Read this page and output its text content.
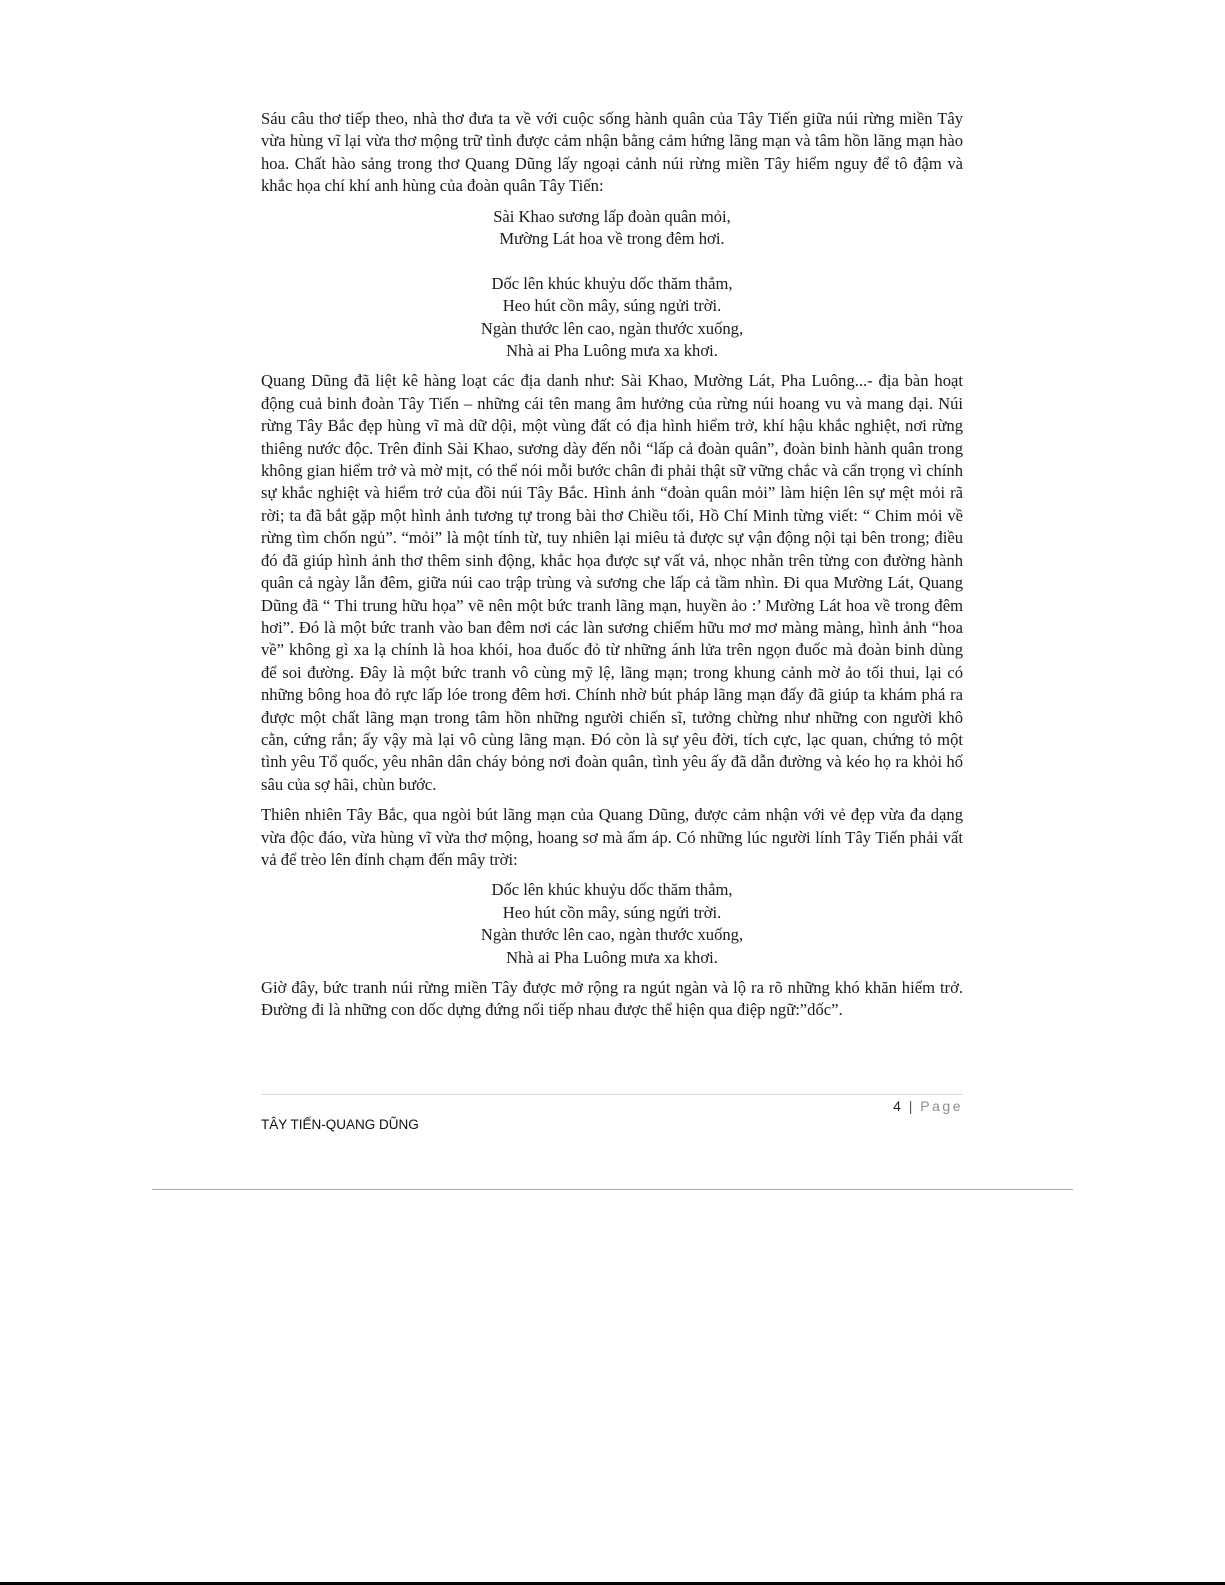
Sáu câu thơ tiếp theo, nhà thơ đưa ta về với cuộc sống hành quân của Tây Tiến giữa núi rừng miền Tây vừa hùng vĩ lại vừa thơ mộng trữ tình được cảm nhận bằng cảm hứng lãng mạn và tâm hồn lãng mạn hào hoa. Chất hào sảng trong thơ Quang Dũng lấy ngoại cảnh núi rừng miền Tây hiểm nguy để tô đậm và khắc họa chí khí anh hùng của đoàn quân Tây Tiến:

Sài Khao sương lấp đoàn quân mỏi,
Mường Lát hoa về trong đêm hơi.
Dốc lên khúc khuỷu dốc thăm thẳm,
Heo hút cồn mây, súng ngửi trời.
Ngàn thước lên cao, ngàn thước xuống,
Nhà ai Pha Luông mưa xa khơi.

Quang Dũng đã liệt kê hàng loạt các địa danh như: Sài Khao, Mường Lát, Pha Luông...- địa bàn hoạt động cuả binh đoàn Tây Tiến – những cái tên mang âm hưởng của rừng núi hoang vu và mang dại. Núi rừng Tây Bắc đẹp hùng vĩ mà dữ dội, một vùng đất có địa hình hiểm trở, khí hậu khắc nghiệt, nơi rừng thiêng nước độc. Trên đỉnh Sài Khao, sương dày đến nỗi “lấp cả đoàn quân”, đoàn binh hành quân trong không gian hiểm trở và mờ mịt, có thể nói mỗi bước chân đi phải thật sữ vững chắc và cẩn trọng vì chính sự khắc nghiệt và hiểm trở của đồi núi Tây Bắc. Hình ảnh “đoàn quân mỏi” làm hiện lên sự mệt mỏi rã rời; ta đã bắt gặp một hình ảnh tương tự trong bài thơ Chiều tối, Hồ Chí Minh từng viết: “ Chim mỏi về rừng tìm chốn ngủ”. “mỏi” là một tính từ, tuy nhiên lại miêu tả được sự vận động nội tại bên trong; điều đó đã giúp hình ảnh thơ thêm sinh động, khắc họa được sự vất vả, nhọc nhằn trên từng con đường hành quân cả ngày lẫn đêm, giữa núi cao trập trùng và sương che lấp cả tầm nhìn. Đi qua Mường Lát, Quang Dũng đã “ Thi trung hữu họa” vẽ nên một bức tranh lãng mạn, huyền ảo :’ Mường Lát hoa về trong đêm hơi”. Đó là một bức tranh vào ban đêm nơi các làn sương chiếm hữu mơ mơ màng màng, hình ảnh “hoa về” không gì xa lạ chính là hoa khói, hoa đuốc đỏ từ những ánh lửa trên ngọn đuốc mà đoàn binh dùng để soi đường. Đây là một bức tranh vô cùng mỹ lệ, lãng mạn; trong khung cảnh mờ ảo tối thui, lại có những bông hoa đỏ rực lấp lóe trong đêm hơi. Chính nhờ bút pháp lãng mạn đấy đã giúp ta khám phá ra được một chất lãng mạn trong tâm hồn những người chiến sĩ, tưởng chừng như những con người khô cằn, cứng rắn; ấy vậy mà lại vô cùng lãng mạn. Đó còn là sự yêu đời, tích cực, lạc quan, chứng tỏ một tình yêu Tổ quốc, yêu nhân dân cháy bỏng nơi đoàn quân, tình yêu ấy đã dẫn đường và kéo họ ra khỏi hố sâu của sợ hãi, chùn bước.

Thiên nhiên Tây Bắc, qua ngòi bút lãng mạn của Quang Dũng, được cảm nhận với vẻ đẹp vừa đa dạng vừa độc đáo, vừa hùng vĩ vừa thơ mộng, hoang sơ mà ấm áp. Có những lúc người lính Tây Tiến phải vất vả để trèo lên đỉnh chạm đến mây trời:

Dốc lên khúc khuỷu dốc thăm thẳm,
Heo hút cồn mây, súng ngửi trời.
Ngàn thước lên cao, ngàn thước xuống,
Nhà ai Pha Luông mưa xa khơi.

Giờ đây, bức tranh núi rừng miền Tây được mở rộng ra ngút ngàn và lộ ra rõ những khó khăn hiểm trở. Đường đi là những con dốc dựng đứng nối tiếp nhau được thể hiện qua điệp ngữ:”dốc”.

4 | Page
TÂY TIẾN-QUANG DŨNG
